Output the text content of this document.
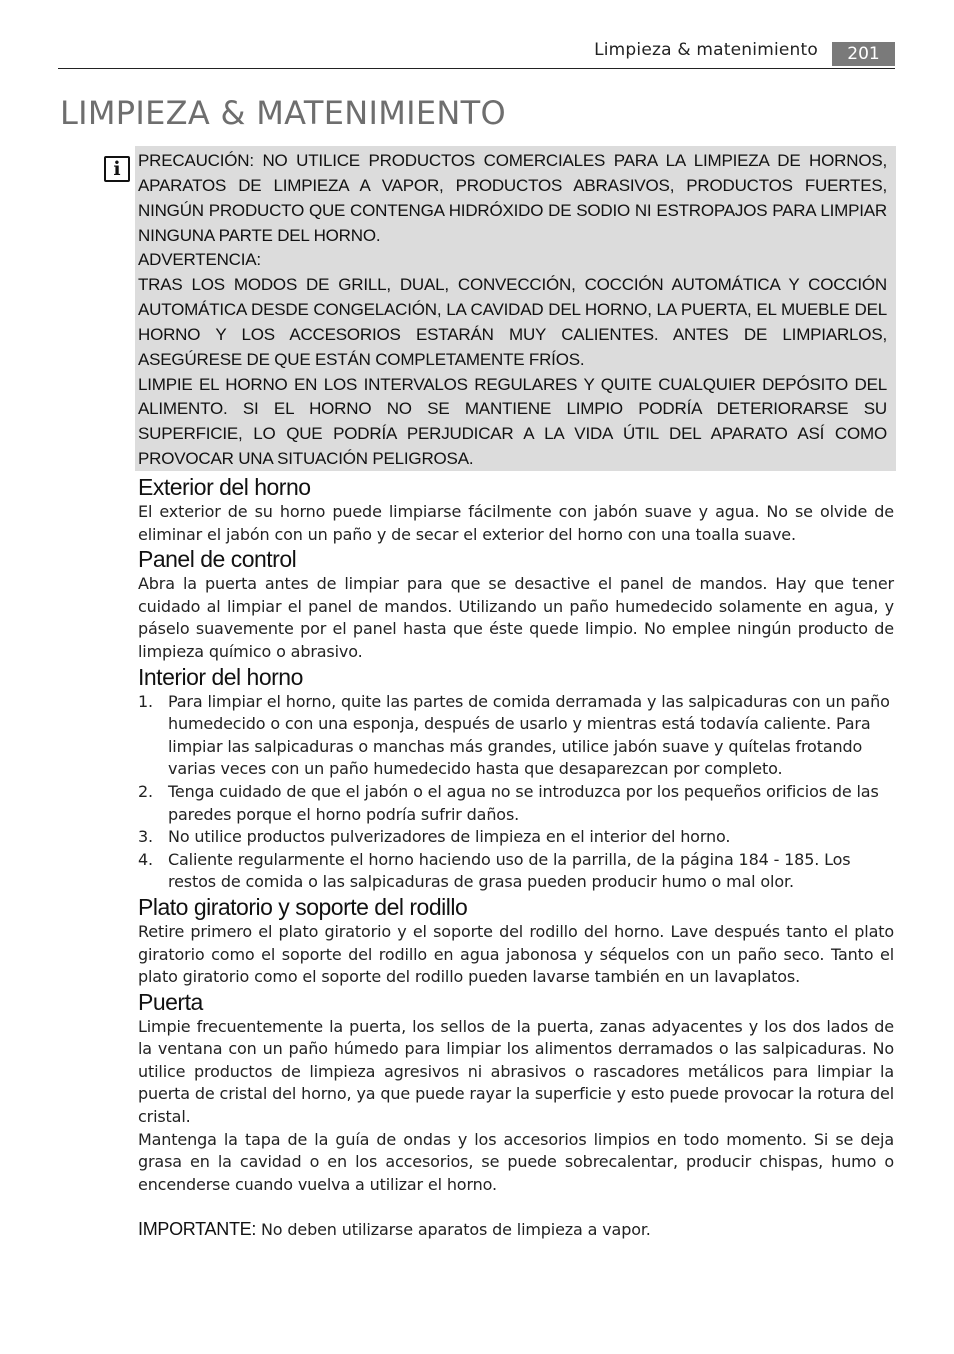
Limpieza & matenimiento	201
LIMPIEZA & MATENIMIENTO
i	PRECAUCIÓN: NO UTILICE PRODUCTOS COMERCIALES PARA LA LIMPIEZA DE HORNOS, APARATOS DE LIMPIEZA A VAPOR, PRODUCTOS ABRASIVOS, PRODUCTOS FUERTES, NINGÚN PRODUCTO QUE CONTENGA HIDRÓXIDO DE SODIO NI ESTROPAJOS PARA LIMPIAR NINGUNA PARTE DEL HORNO.

ADVERTENCIA:

TRAS LOS MODOS DE GRILL, DUAL, CONVECCIÓN, COCCIÓN AUTOMÁTICA Y COCCIÓN AUTOMÁTICA DESDE CONGELACIÓN, LA CAVIDAD DEL HORNO, LA PUERTA, EL MUEBLE DEL HORNO Y LOS ACCESORIOS ESTARÁN MUY CALIENTES. ANTES DE LIMPIARLOS, ASEGÚRESE DE QUE ESTÁN COMPLETAMENTE FRÍOS.

LIMPIE EL HORNO EN LOS INTERVALOS REGULARES Y QUITE CUALQUIER DEPÓSITO DEL ALIMENTO. SI EL HORNO NO SE MANTIENE LIMPIO PODRÍA DETERIORARSE SU SUPERFICIE, LO QUE PODRÍA PERJUDICAR A LA VIDA ÚTIL DEL APARATO ASÍ COMO PROVOCAR UNA SITUACIÓN PELIGROSA.

Exterior del horno

El exterior de su horno puede limpiarse fácilmente con jabón suave y agua. No se olvide de eliminar el jabón con un paño y de secar el exterior del horno con una toalla suave.

Panel de control

Abra la puerta antes de limpiar para que se desactive el panel de mandos. Hay que tener cuidado al limpiar el panel de mandos. Utilizando un paño humedecido solamente en agua, y páselo suavemente por el panel hasta que éste quede limpio. No emplee ningún producto de limpieza químico o abrasivo.

Interior del horno
1. Para limpiar el horno, quite las partes de comida derramada y las salpicaduras con un paño humedecido o con una esponja, después de usarlo y mientras está todavía caliente. Para limpiar las salpicaduras o manchas más grandes, utilice jabón suave y quítelas frotando varias veces con un paño humedecido hasta que desaparezcan por completo.
2. Tenga cuidado de que el jabón o el agua no se introduzca por los pequeños orificios de las paredes porque el horno podría sufrir daños.
3. No utilice productos pulverizadores de limpieza en el interior del horno.
4. Caliente regularmente el horno haciendo uso de la parrilla, de la página 184 - 185. Los restos de comida o las salpicaduras de grasa pueden producir humo o mal olor.
Plato giratorio y soporte del rodillo

Retire primero el plato giratorio y el soporte del rodillo del horno. Lave después tanto el plato giratorio como el soporte del rodillo en agua jabonosa y séquelos con un paño seco. Tanto el plato giratorio como el soporte del rodillo pueden lavarse también en un lavaplatos.

Puerta

Limpie frecuentemente la puerta, los sellos de la puerta, zanas adyacentes y los dos lados de la ventana con un paño húmedo para limpiar los alimentos derramados o las salpicaduras. No utilice productos de limpieza agresivos ni abrasivos o rascadores metálicos para limpiar la puerta de cristal del horno, ya que puede rayar la superficie y esto puede provocar la rotura del cristal.

Mantenga la tapa de la guía de ondas y los accesorios limpios en todo momento. Si se deja grasa en la cavidad o en los accesorios, se puede sobrecalentar, producir chispas, humo o encenderse cuando vuelva a utilizar el horno.

IMPORTANTE: No deben utilizarse aparatos de limpieza a vapor.
